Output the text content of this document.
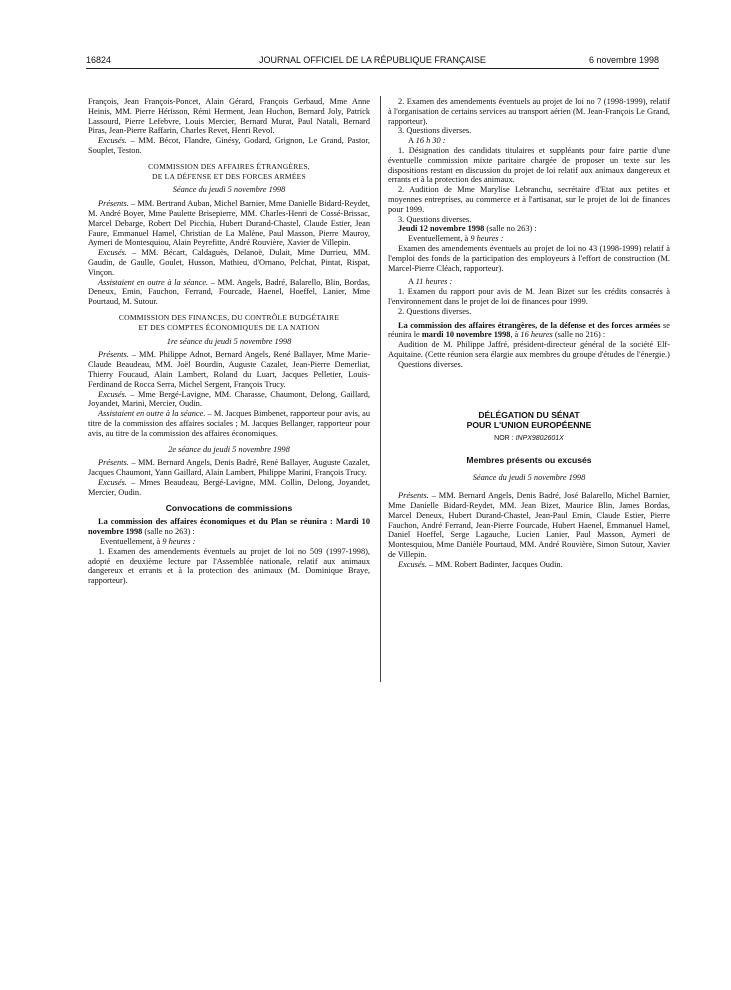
16824	JOURNAL OFFICIEL DE LA RÉPUBLIQUE FRANÇAISE	6 novembre 1998

François, Jean François-Poncet, Alain Gérard, François Gerbaud, Mme Anne Heinis, MM. Pierre Hérisson, Rémi Herment, Jean Huchon, Bernard Joly, Patrick Lassourd, Pierre Lefebvre, Louis Mercier, Bernard Murat, Paul Natali, Bernard Piras, Jean-Pierre Raffarin, Charles Revet, Henri Revol.

Excusés. – MM. Bécot, Flandre, Ginésy, Godard, Grignon, Le Grand, Pastor, Souplet, Teston.

COMMISSION DES AFFAIRES ÉTRANGÈRES,

DE LA DÉFENSE ET DES FORCES ARMÉES

Séance du jeudi 5 novembre 1998

Présents. – MM. Bertrand Auban, Michel Barnier, Mme Danielle Bidard-Reydet, M. André Boyer, Mme Paulette Brisepierre, MM. Charles-Henri de Cossé-Brissac, Marcel Debarge, Robert Del Picchia, Hubert Durand-Chastel, Claude Estier, Jean Faure, Emmanuel Hamel, Christian de La Malène, Paul Masson, Pierre Mauroy, Aymeri de Montesquiou, Alain Peyrefitte, André Rouvière, Xavier de Villepin.

Excusés. – MM. Bécart, Caldaguès, Delanoë, Dulait, Mme Durrieu, MM. Gaudin, de Gaulle, Goulet, Husson, Mathieu, d'Ornano, Pelchat, Pintat, Rispat, Vinçon.

Assistaient en outre à la séance. – MM. Angels, Badré, Balarello, Blin, Bordas, Deneux, Emin, Fauchon, Ferrand, Fourcade, Haenel, Hoeffel, Lanier, Mme Pourtaud, M. Sutour.

COMMISSION DES FINANCES, DU CONTRÔLE BUDGÉTAIRE

ET DES COMPTES ÉCONOMIQUES DE LA NATION

1re séance du jeudi 5 novembre 1998

Présents. – MM. Philippe Adnot, Bernard Angels, René Ballayer, Mme Marie-Claude Beaudeau, MM. Joël Bourdin, Auguste Cazalet, Jean-Pierre Demerliat, Thierry Foucaud, Alain Lambert, Roland du Luart, Jacques Pelletier, Louis-Ferdinand de Rocca Serra, Michel Sergent, François Trucy.

Excusés. – Mme Bergé-Lavigne, MM. Charasse, Chaumont, Delong, Gaillard, Joyandet, Marini, Mercier, Oudin.

Assistaient en outre à la séance. – M. Jacques Bimbenet, rapporteur pour avis, au titre de la commission des affaires sociales ; M. Jacques Bellanger, rapporteur pour avis, au titre de la commission des affaires économiques.

2e séance du jeudi 5 novembre 1998

Présents. – MM. Bernard Angels, Denis Badré, René Ballayer, Auguste Cazalet, Jacques Chaumont, Yann Gaillard, Alain Lambert, Philippe Marini, François Trucy.

Excusés. – Mmes Beaudeau, Bergé-Lavigne, MM. Collin, Delong, Joyandet, Mercier, Oudin.

Convocations de commissions

La commission des affaires économiques et du Plan se réunira : Mardi 10 novembre 1998 (salle no 263) :

Eventuellement, à 9 heures :

1. Examen des amendements éventuels au projet de loi no 509 (1997-1998), adopté en deuxième lecture par l'Assemblée nationale, relatif aux animaux dangereux et errants et à la protection des animaux (M. Dominique Braye, rapporteur).

2. Examen des amendements éventuels au projet de loi no 7 (1998-1999), relatif à l'organisation de certains services au transport aérien (M. Jean-François Le Grand, rapporteur).

3. Questions diverses.

A 16 h 30 :

1. Désignation des candidats titulaires et suppléants pour faire partie d'une éventuelle commission mixte paritaire chargée de proposer un texte sur les dispositions restant en discussion du projet de loi relatif aux animaux dangereux et errants et à la protection des animaux.

2. Audition de Mme Marylise Lebranchu, secrétaire d'Etat aux petites et moyennes entreprises, au commerce et à l'artisanat, sur le projet de loi de finances pour 1999.

3. Questions diverses.

Jeudi 12 novembre 1998 (salle no 263) :

Eventuellement, à 9 heures :

Examen des amendements éventuels au projet de loi no 43 (1998-1999) relatif à l'emploi des fonds de la participation des employeurs à l'effort de construction (M. Marcel-Pierre Cléach, rapporteur).

A 11 heures :

1. Examen du rapport pour avis de M. Jean Bizet sur les crédits consacrés à l'environnement dans le projet de loi de finances pour 1999.

2. Questions diverses.

La commission des affaires étrangères, de la défense et des forces armées se réunira le mardi 10 novembre 1998, à 16 heures (salle no 216) :

Audition de M. Philippe Jaffré, président-directeur général de la société Elf-Aquitaine. (Cette réunion sera élargie aux membres du groupe d'études de l'énergie.)

Questions diverses.

DÉLÉGATION DU SÉNAT

POUR L'UNION EUROPÉENNE

NOR : INPX9802601X

Membres présents ou excusés

Séance du jeudi 5 novembre 1998

Présents. – MM. Bernard Angels, Denis Badré, José Balarello, Michel Barnier, Mme Danielle Bidard-Reydet, MM. Jean Bizet, Maurice Blin, James Bordas, Marcel Deneux, Hubert Durand-Chastel, Jean-Paul Emin, Claude Estier, Pierre Fauchon, André Ferrand, Jean-Pierre Fourcade, Hubert Haenel, Emmanuel Hamel, Daniel Hoeffel, Serge Lagauche, Lucien Lanier, Paul Masson, Aymeri de Montesquiou, Mme Danièle Pourtaud, MM. André Rouvière, Simon Sutour, Xavier de Villepin.

Excusés. – MM. Robert Badinter, Jacques Oudin.
